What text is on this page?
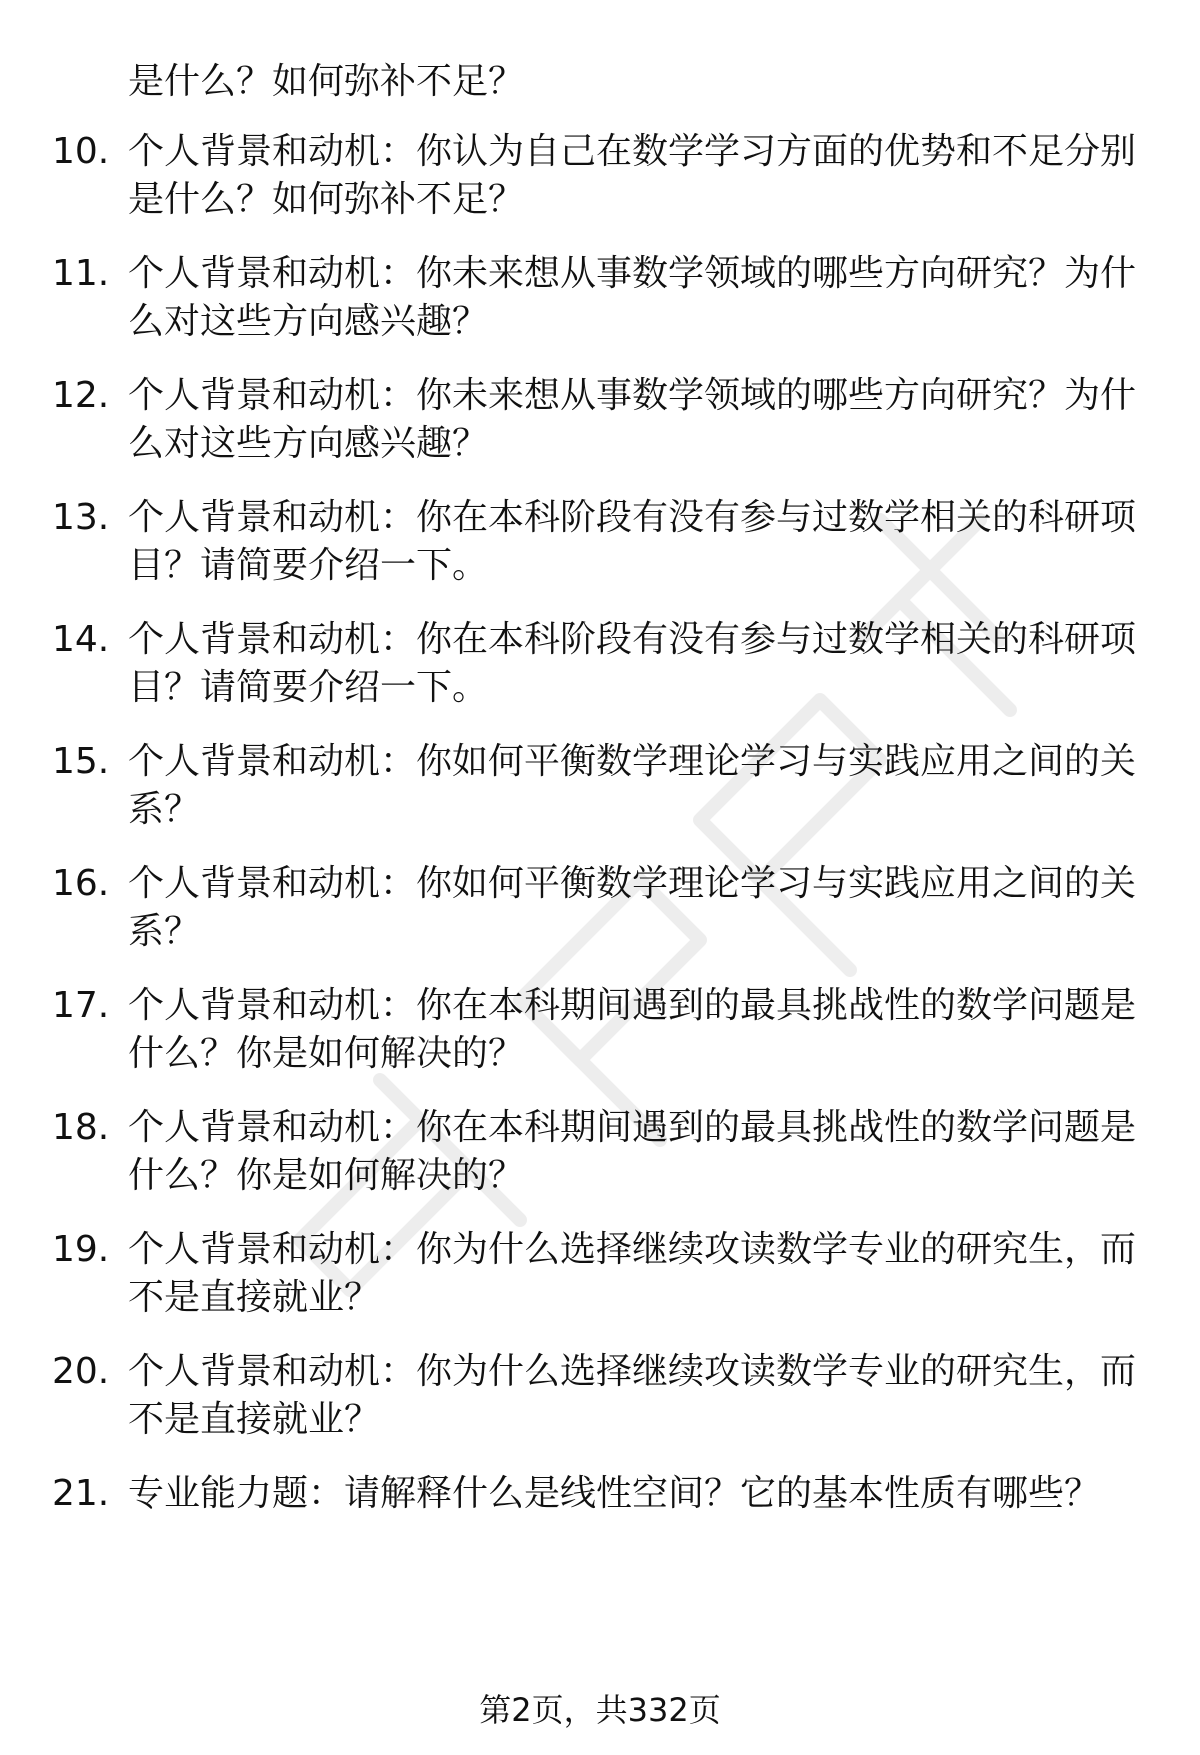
是什么？如何弥补不足？
10. 个人背景和动机：你认为自己在数学学习方面的优势和不足分别是什么？如何弥补不足？
11. 个人背景和动机：你未来想从事数学领域的哪些方向研究？为什么对这些方向感兴趣？
12. 个人背景和动机：你未来想从事数学领域的哪些方向研究？为什么对这些方向感兴趣？
13. 个人背景和动机：你在本科阶段有没有参与过数学相关的科研项目？请简要介绍一下。
14. 个人背景和动机：你在本科阶段有没有参与过数学相关的科研项目？请简要介绍一下。
15. 个人背景和动机：你如何平衡数学理论学习与实践应用之间的关系？
16. 个人背景和动机：你如何平衡数学理论学习与实践应用之间的关系？
17. 个人背景和动机：你在本科期间遇到的最具挑战性的数学问题是什么？你是如何解决的？
18. 个人背景和动机：你在本科期间遇到的最具挑战性的数学问题是什么？你是如何解决的？
19. 个人背景和动机：你为什么选择继续攻读数学专业的研究生，而不是直接就业？
20. 个人背景和动机：你为什么选择继续攻读数学专业的研究生，而不是直接就业？
21. 专业能力题：请解释什么是线性空间？它的基本性质有哪些？
第2页，共332页
